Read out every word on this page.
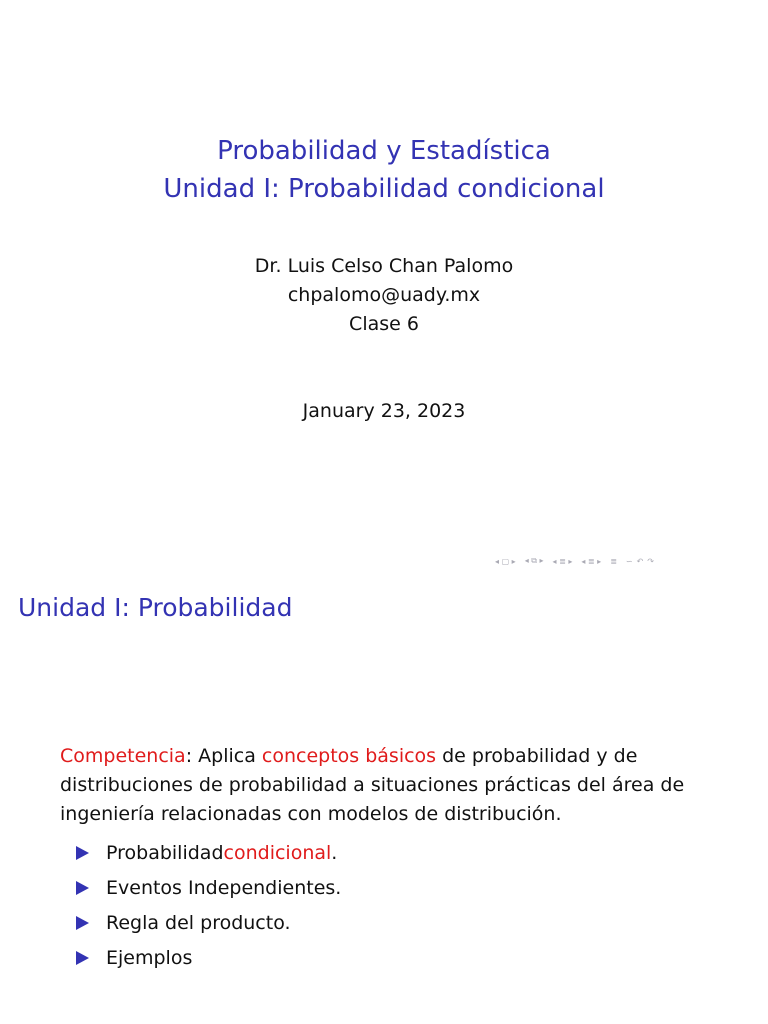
Probabilidad y Estadística
Unidad I: Probabilidad condicional
Dr. Luis Celso Chan Palomo
chpalomo@uady.mx
Clase 6
January 23, 2023
◂ ▢ ▸ ◂ ⧉ ▸ ◂ ≣ ▸ ◂ ≣ ▸ ≣ ∽ ↶ ↷
Unidad I: Probabilidad
Competencia: Aplica conceptos básicos de probabilidad y de distribuciones de probabilidad a situaciones prácticas del área de ingeniería relacionadas con modelos de distribución.
Probabilidad condicional .
Eventos Independientes.
Regla del producto.
Ejemplos
